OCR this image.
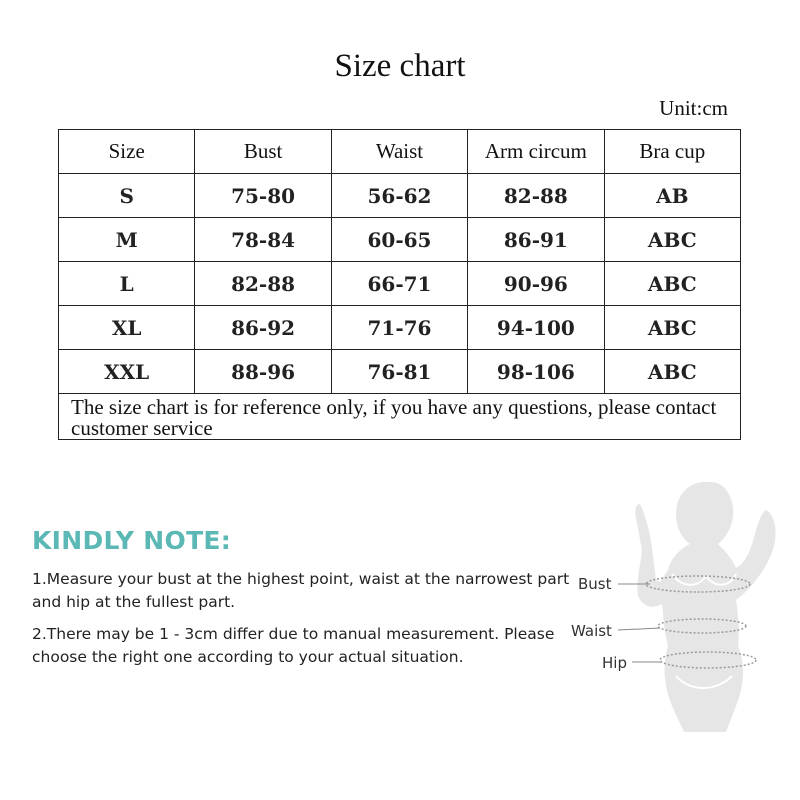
Size chart
Unit:cm
Size	Bust	Waist	Arm circum	Bra cup
S	75-80	56-62	82-88	AB
M	78-84	60-65	86-91	ABC
L	82-88	66-71	90-96	ABC
XL	86-92	71-76	94-100	ABC
XXL	88-96	76-81	98-106	ABC
The size chart is for reference only, if you have any questions, please contact customer service				
KINDLY NOTE:

1.Measure your bust at the highest point, waist at the narrowest part and hip at the fullest part.

2.There may be 1 - 3cm differ due to manual measurement. Please choose the right one according to your actual situation.

Bust
Waist
Hip
